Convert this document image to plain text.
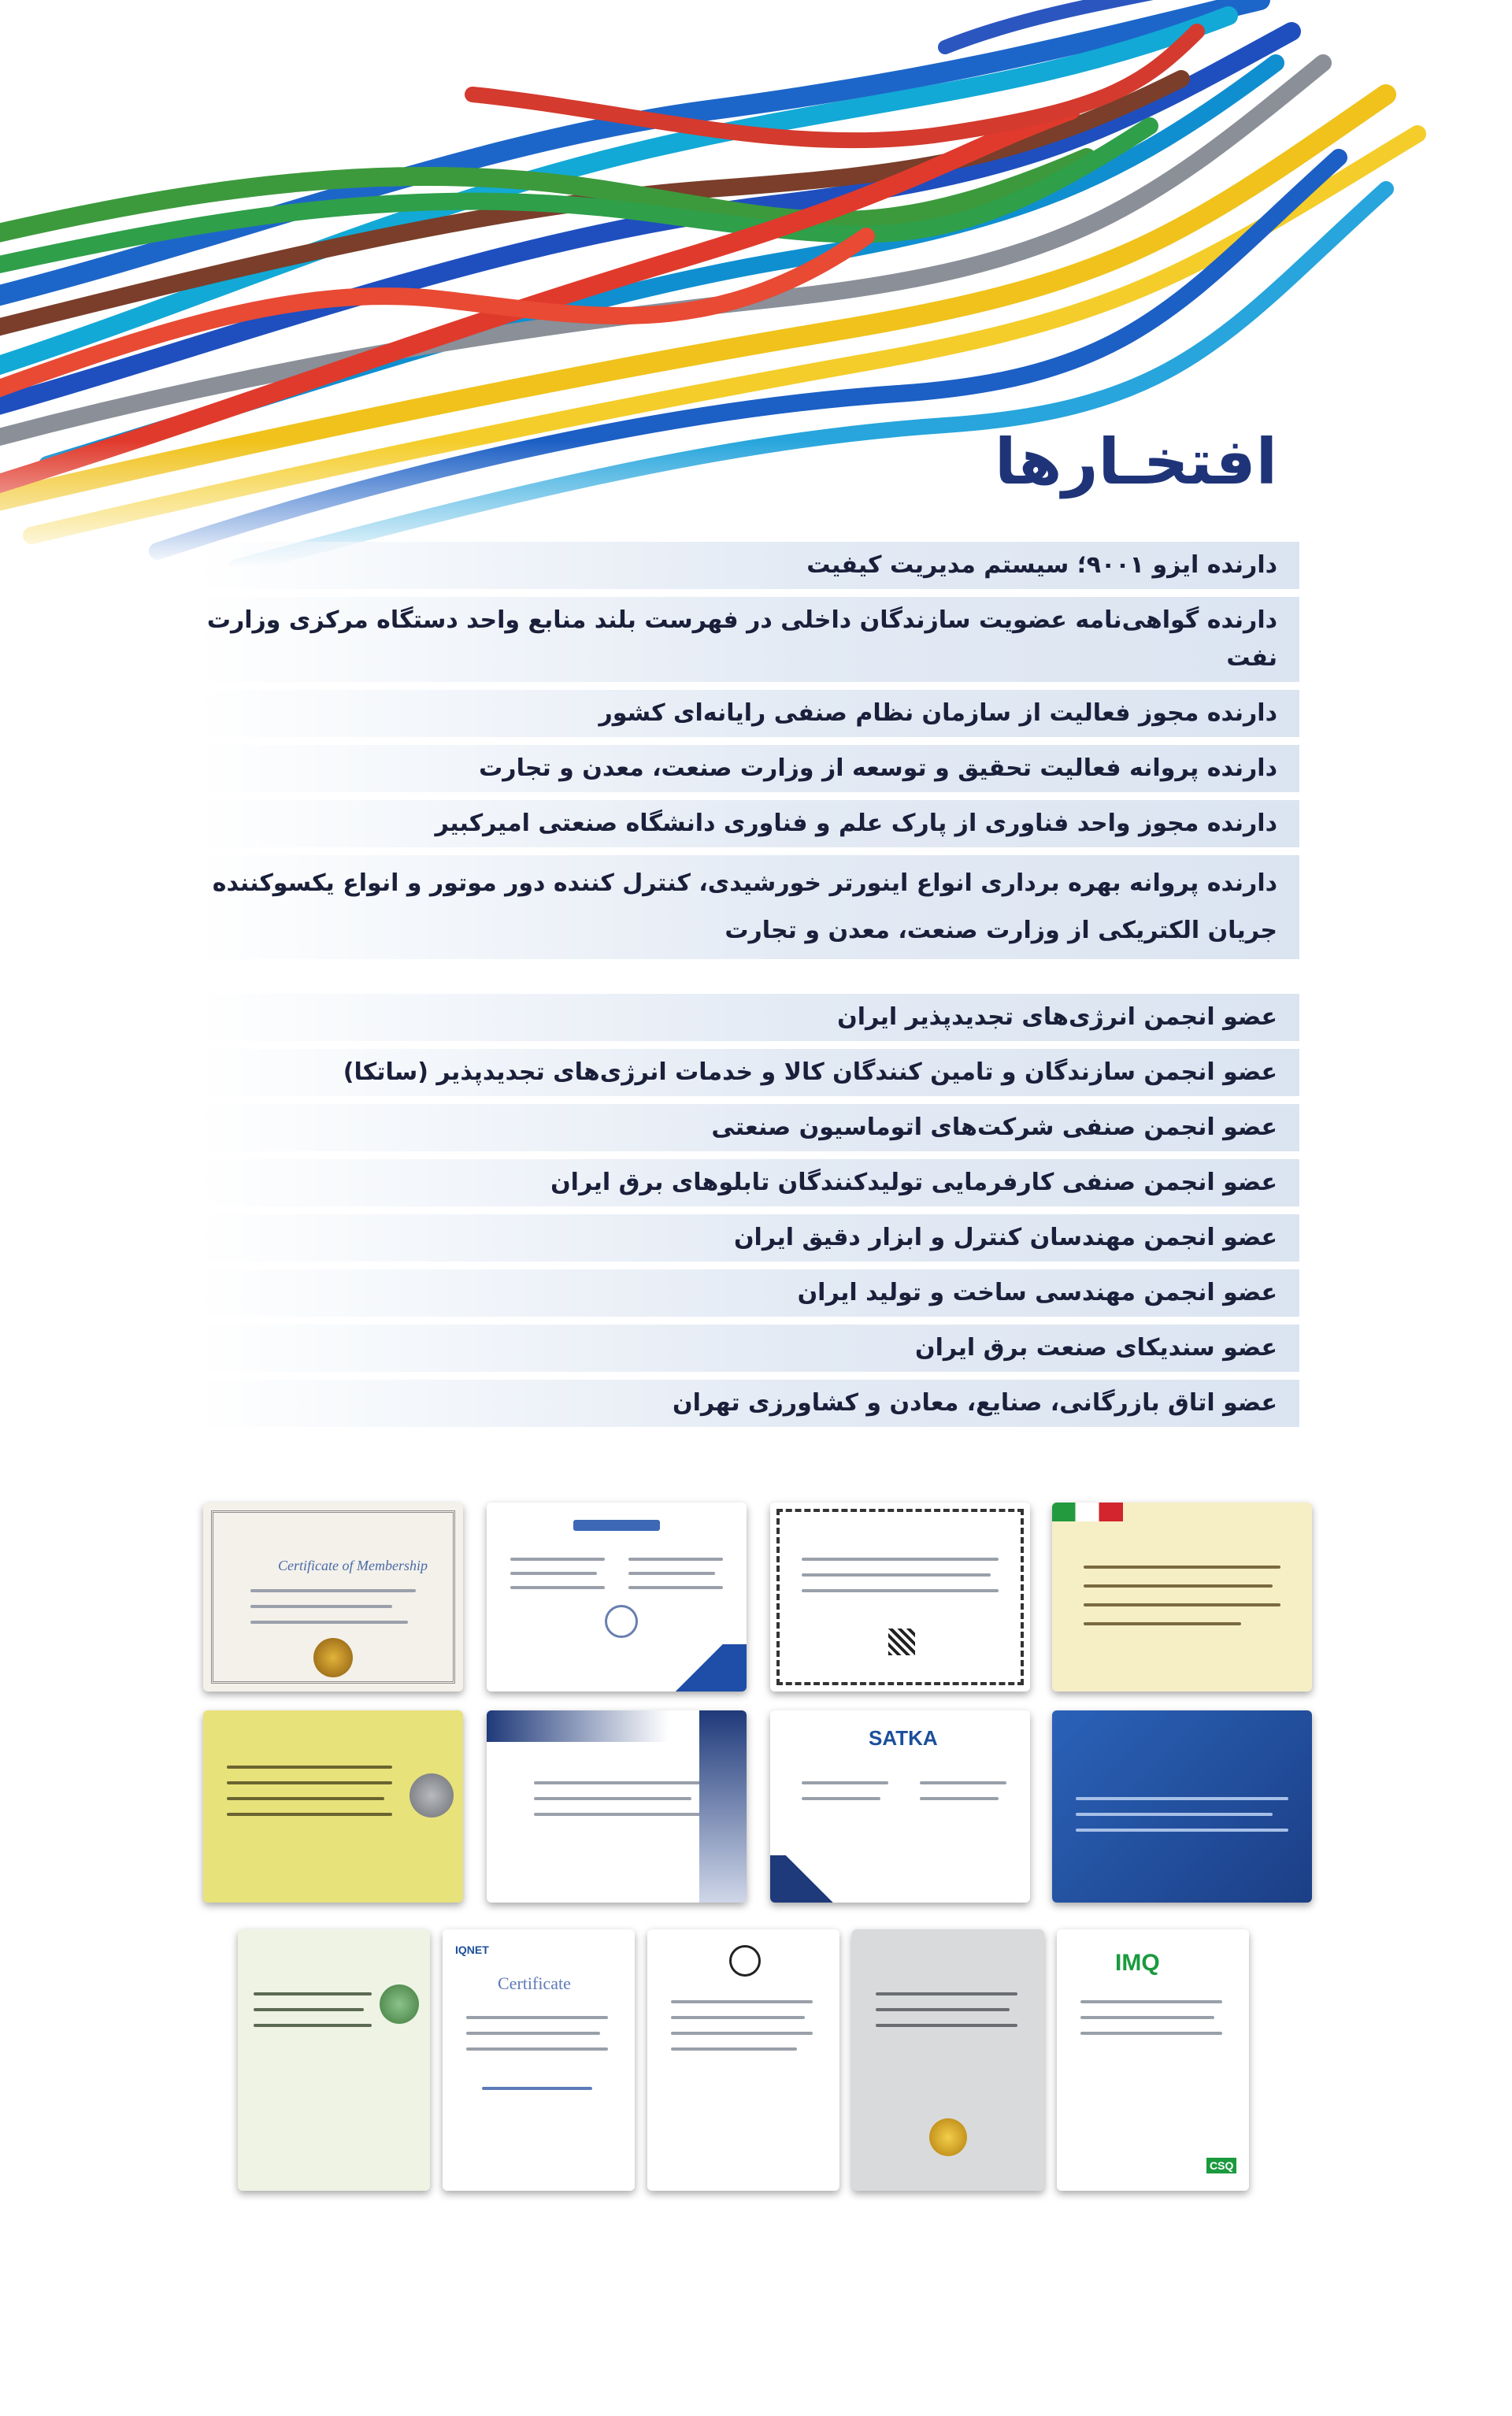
افتخـارها
دارنده ایزو ۹۰۰۱؛ سیستم مدیریت کیفیت
دارنده گواهی‌نامه عضویت سازندگان داخلی در فهرست بلند منابع واحد دستگاه مرکزی وزارت نفت
دارنده مجوز فعالیت از سازمان نظام صنفی رایانه‌ای کشور
دارنده پروانه فعالیت تحقیق و توسعه از وزارت صنعت، معدن و تجارت
دارنده مجوز واحد فناوری از پارک علم و فناوری دانشگاه صنعتی امیرکبیر
دارنده پروانه بهره برداری انواع اینورتر خورشیدی، کنترل کننده دور موتور و انواع یکسوکننده جریان الکتریکی از وزارت صنعت، معدن و تجارت
عضو انجمن انرژی‌های تجدیدپذیر ایران
عضو انجمن سازندگان و تامین کنندگان کالا و خدمات انرژی‌های تجدیدپذیر (ساتکا)
عضو انجمن صنفی شرکت‌های اتوماسیون صنعتی
عضو انجمن صنفی کارفرمایی تولیدکنندگان تابلوهای برق ایران
عضو انجمن مهندسان کنترل و ابزار دقیق ایران
عضو انجمن مهندسی ساخت و تولید ایران
عضو سندیکای صنعت برق ایران
عضو اتاق بازرگانی، صنایع، معادن و کشاورزی تهران
Certificate of Membership
SATKA
IQNET
Certificate
IMQ
CSQ
